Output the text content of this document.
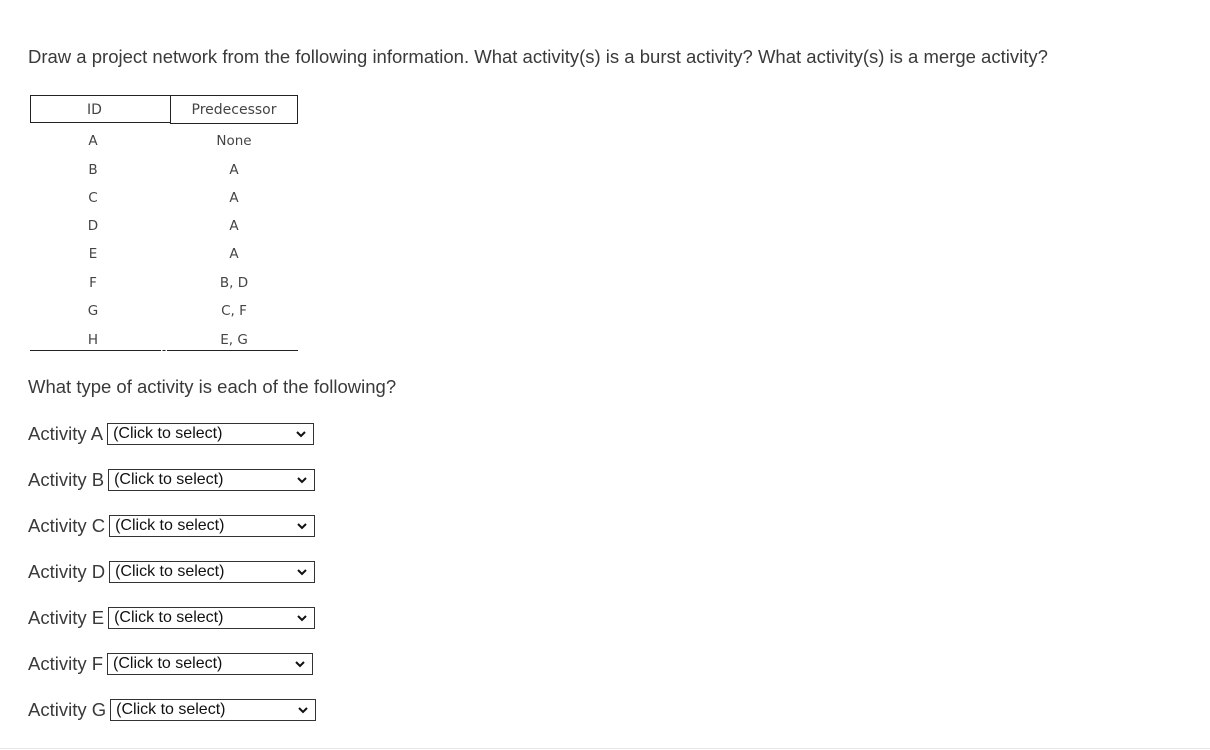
Draw a project network from the following information. What activity(s) is a burst activity? What activity(s) is a merge activity?
ID	Predecessor
A	None
B	A
C	A
D	A
E	A
F	B, D
G	C, F
H	E, G
What type of activity is each of the following?
Activity A (Click to select)
Activity B (Click to select)
Activity C (Click to select)
Activity D (Click to select)
Activity E (Click to select)
Activity F (Click to select)
Activity G (Click to select)
